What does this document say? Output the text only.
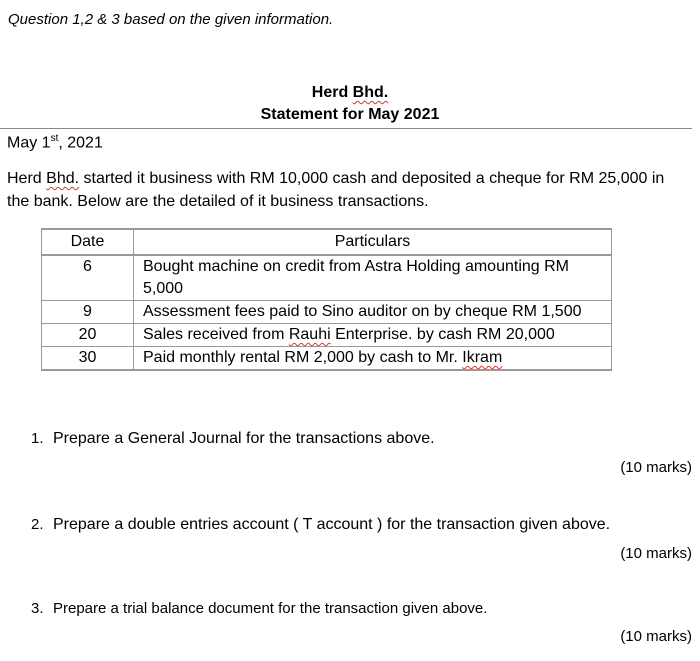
Question 1,2 & 3 based on the given information.
Herd Bhd.
Statement for May 2021
May 1st, 2021
Herd Bhd. started it business with RM 10,000 cash and deposited a cheque for RM 25,000 in the bank. Below are the detailed of it business transactions.
Date	Particulars
6	Bought machine on credit from Astra Holding amounting RM 5,000
9	Assessment fees paid to Sino auditor on by cheque RM 1,500
20	Sales received from Rauhi Enterprise. by cash RM 20,000
30	Paid monthly rental RM 2,000 by cash to Mr. Ikram
1. Prepare a General Journal for the transactions above.
(10 marks)
2. Prepare a double entries account ( T account ) for the transaction given above.
(10 marks)
3. Prepare a trial balance document for the transaction given above.
(10 marks)
